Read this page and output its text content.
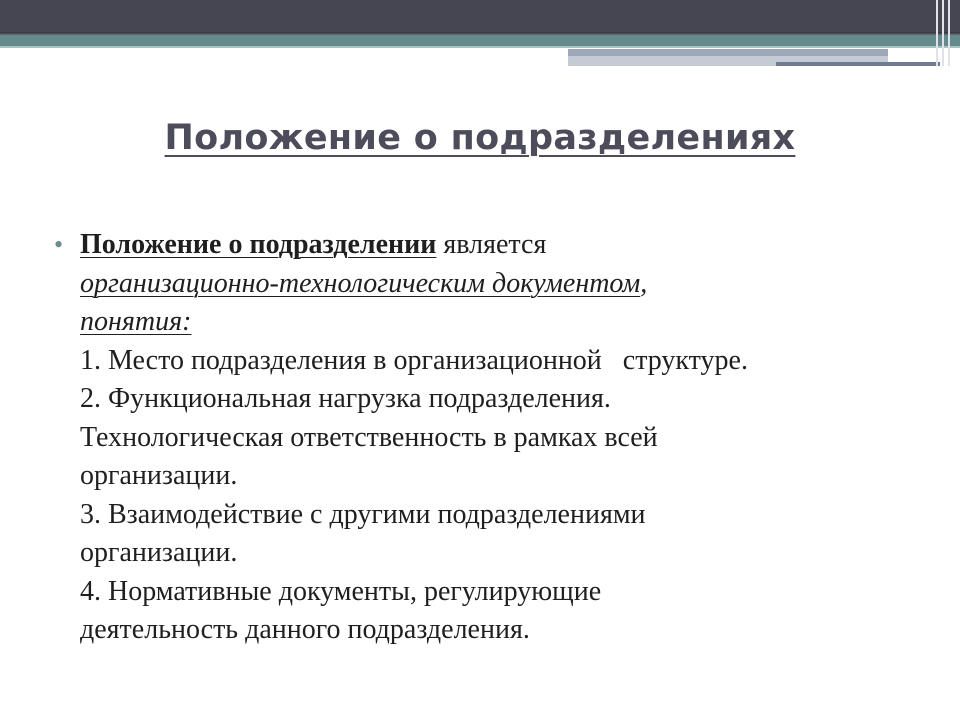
Положение о подразделениях
• Положение о подразделении является
организационно-технологическим документом,
понятия:
1. Место подразделения в организационной   структуре.
2. Функциональная нагрузка подразделения.
Технологическая ответственность в рамках всей
организации.
3. Взаимодействие с другими подразделениями
организации.
4. Нормативные документы, регулирующие
деятельность данного подразделения.
